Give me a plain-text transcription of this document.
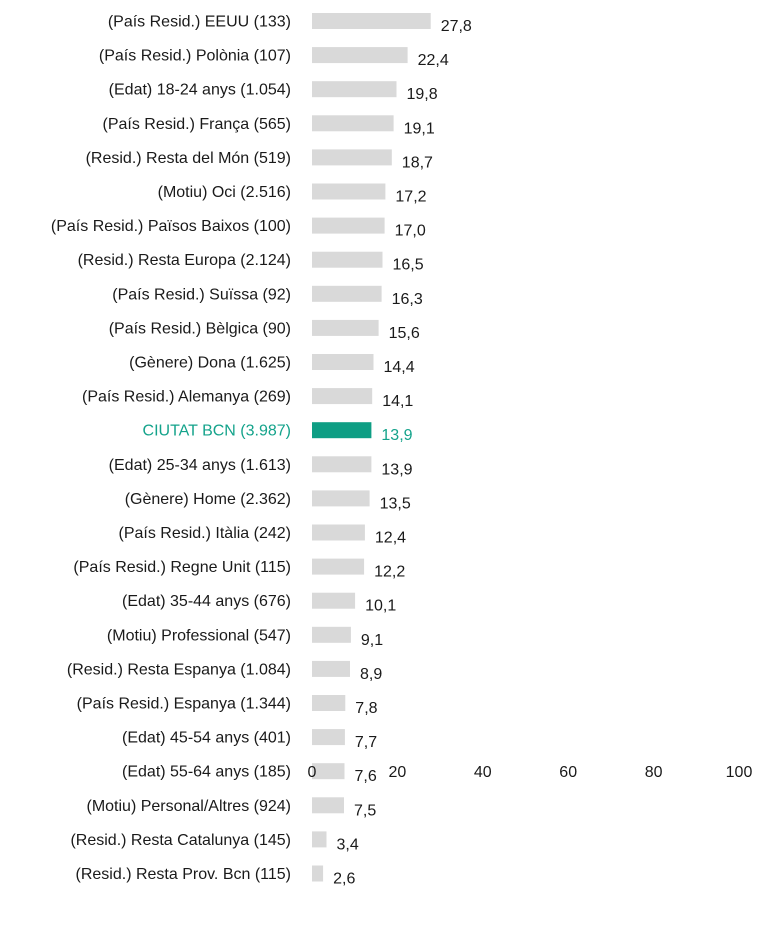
(País Resid.) EEUU (133)
(País Resid.) Polònia (107)
(Edat) 18-24 anys (1.054)
(País Resid.) França (565)
(Resid.) Resta del Món (519)
(Motiu) Oci (2.516)
(País Resid.) Països Baixos (100)
(Resid.) Resta Europa (2.124)
(País Resid.) Suïssa (92)
(País Resid.) Bèlgica (90)
(Gènere) Dona (1.625)
(País Resid.) Alemanya (269)
CIUTAT BCN (3.987)
(Edat) 25-34 anys (1.613)
(Gènere) Home (2.362)
(País Resid.) Itàlia (242)
(País Resid.) Regne Unit (115)
(Edat) 35-44 anys (676)
(Motiu) Professional (547)
(Resid.) Resta Espanya (1.084)
(País Resid.) Espanya (1.344)
(Edat) 45-54 anys (401)
(Edat) 55-64 anys (185)
(Motiu) Personal/Altres (924)
(Resid.) Resta Catalunya (145)
(Resid.) Resta Prov. Bcn (115)
27,8
22,4
19,8
19,1
18,7
17,2
17,0
16,5
16,3
15,6
14,4
14,1
13,9
13,9
13,5
12,4
12,2
10,1
9,1
8,9
7,8
7,7
7,6
7,5
3,4
2,6
0	20	40	60	80	100
